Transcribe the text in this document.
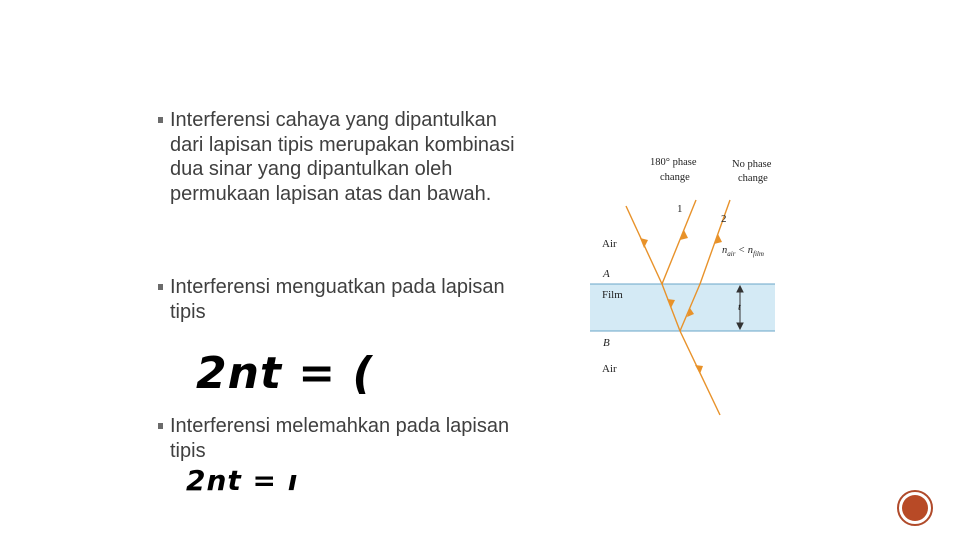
Interferensi cahaya yang dipantulkan dari lapisan tipis merupakan kombinasi dua sinar yang dipantulkan oleh permukaan lapisan atas dan bawah.
Interferensi menguatkan pada lapisan tipis
Interferensi melemahkan pada lapisan tipis
2nt = (
2nt = ı
180° phase
change
No phase
change
1
2
Air
$n_{air} < n_{film}$
A
Film
t
B
Air
